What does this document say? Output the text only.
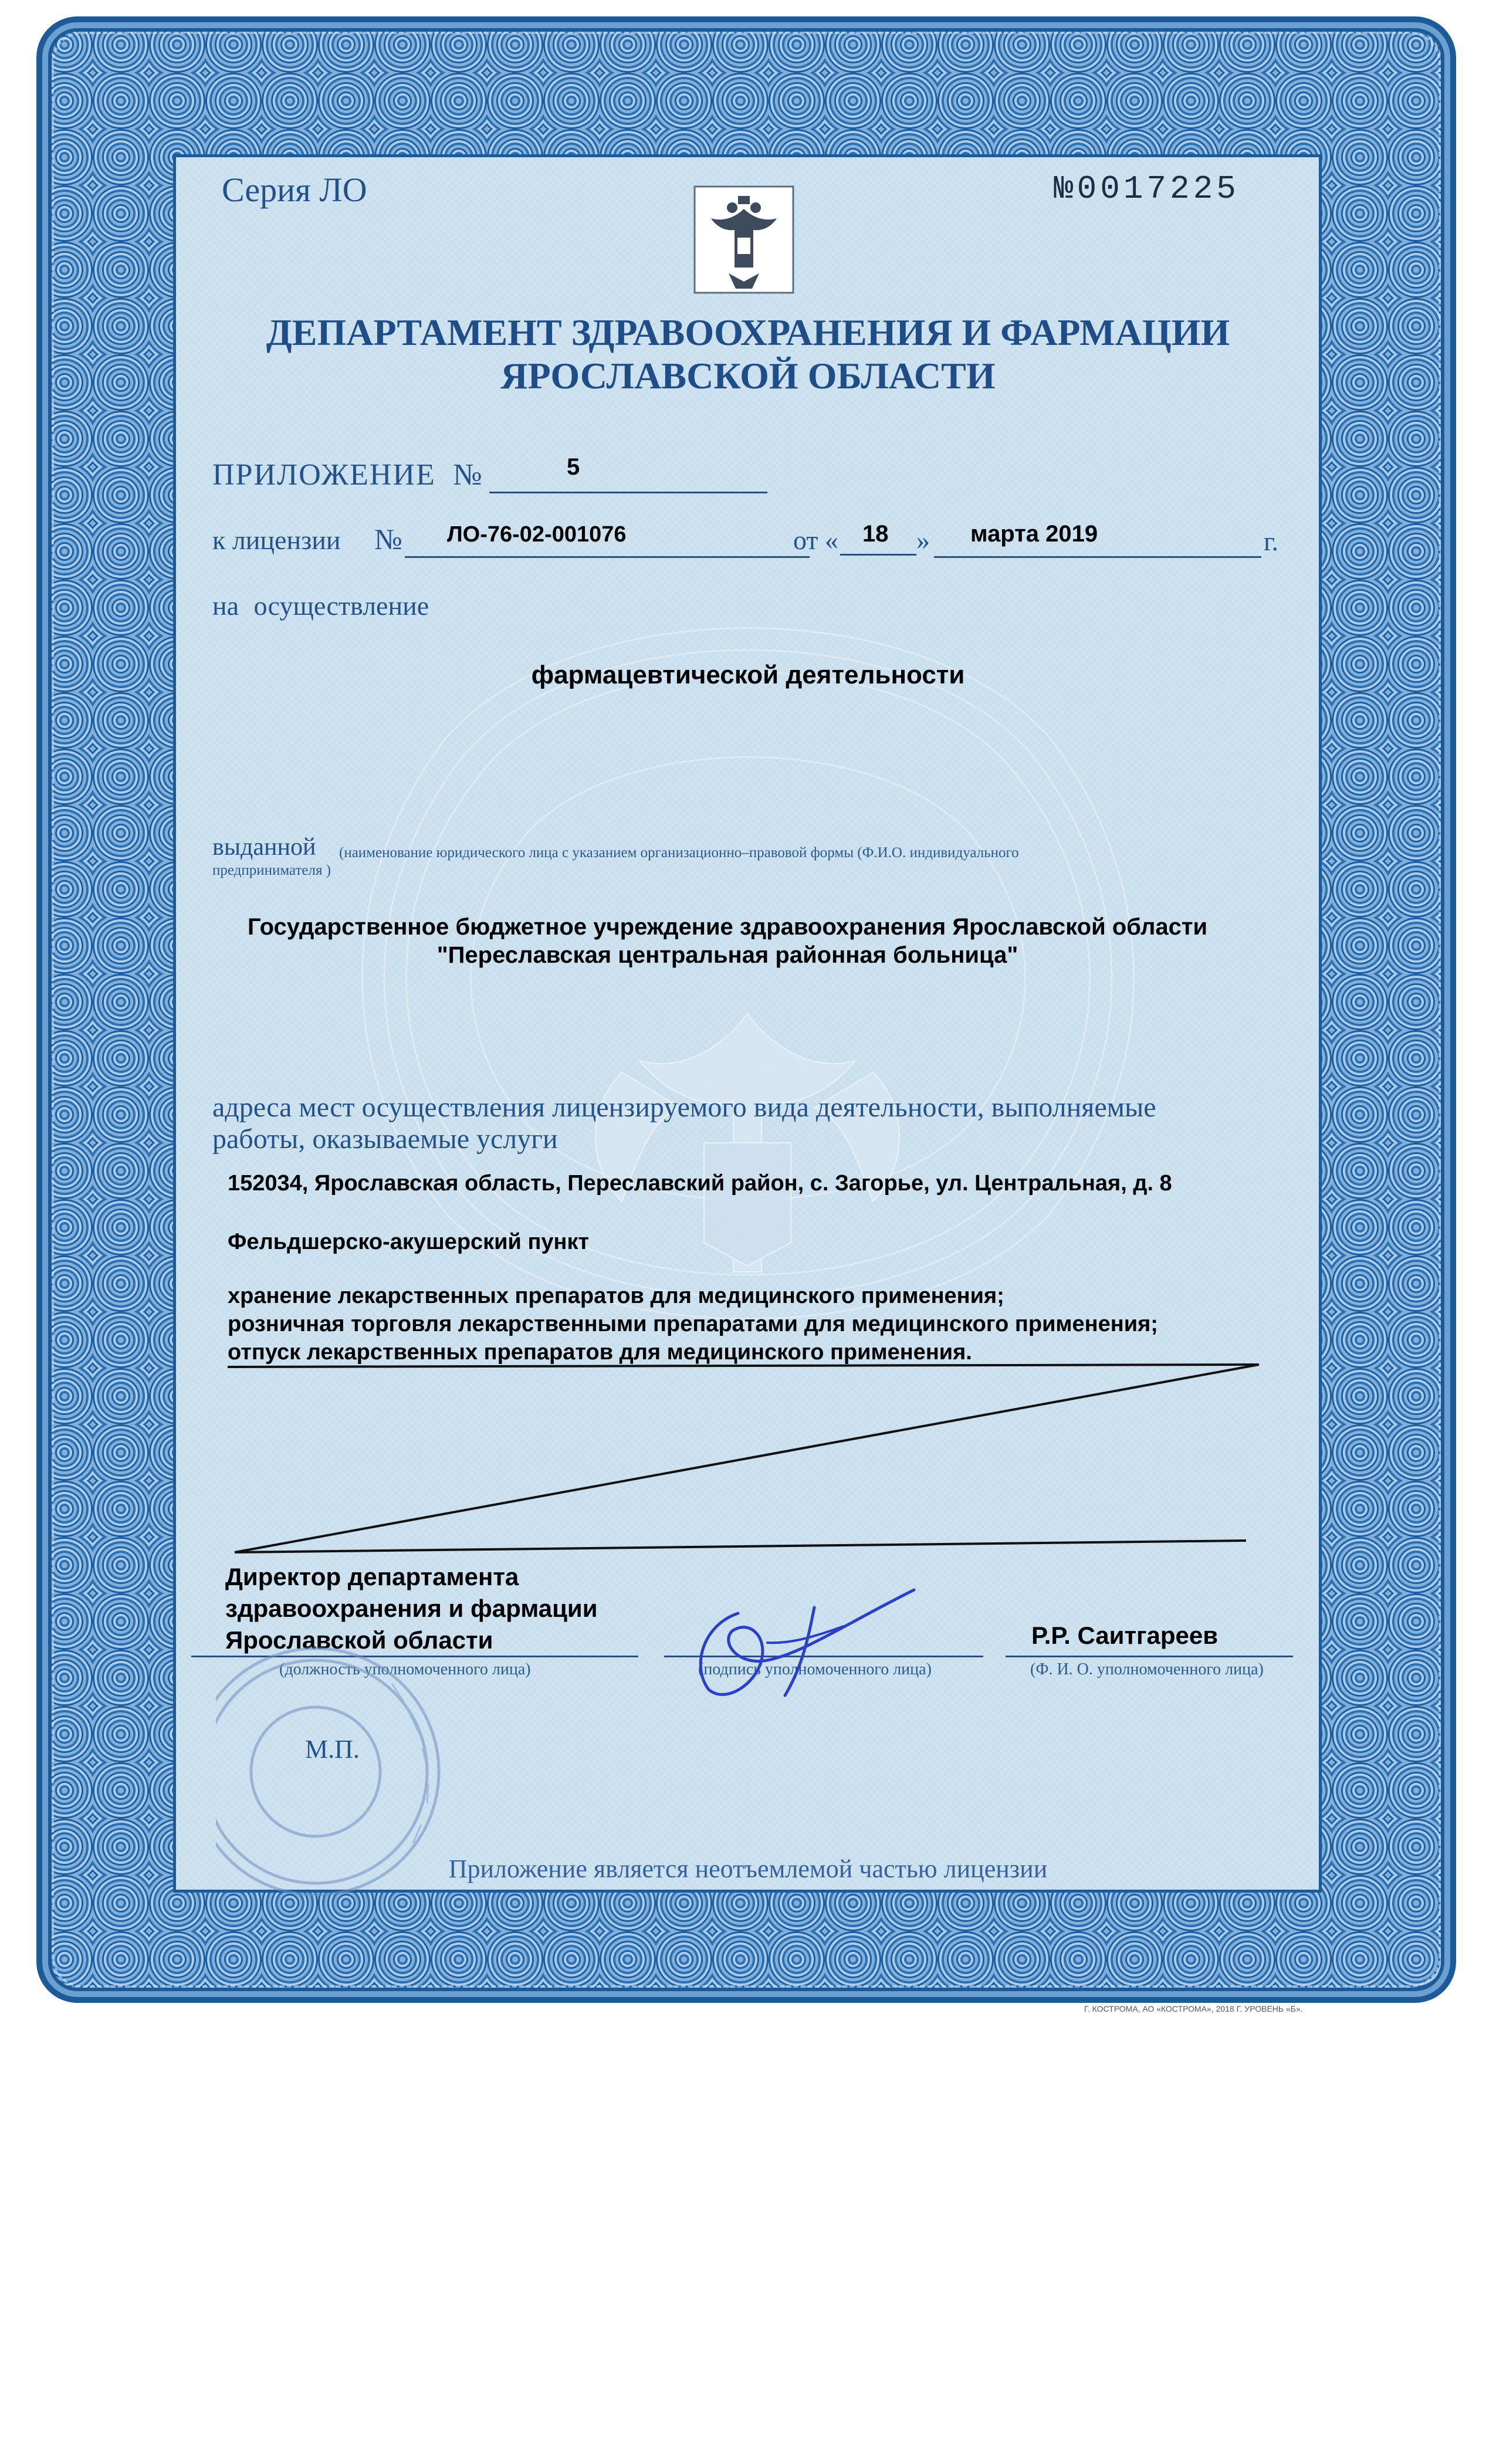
Серия ЛО	№0017225
ДЕПАРТАМЕНТ ЗДРАВООХРАНЕНИЯ И ФАРМАЦИИ
ЯРОСЛАВСКОЙ ОБЛАСТИ
ПРИЛОЖЕНИЕ №	5
к лицензии № ЛО-76-02-001076	от « 18 » марта 2019	г.
на осуществление
фармацевтической деятельности
выданной (наименование юридического лица с указанием организационно–правовой формы (Ф.И.О. индивидуального
предпринимателя )
Государственное бюджетное учреждение здравоохранения Ярославской области
"Переславская центральная районная больница"
адреса мест осуществления лицензируемого вида деятельности, выполняемые
работы, оказываемые услуги
152034, Ярославская область, Переславский район, с. Загорье, ул. Центральная, д. 8
Фельдшерско-акушерский пункт
хранение лекарственных препаратов для медицинского применения;
розничная торговля лекарственными препаратами для медицинского применения;
отпуск лекарственных препаратов для медицинского применения.
Директор департамента
здравоохранения и фармации
Ярославской области
(должность уполномоченного лица)	(подпись уполномоченного лица)
Р.Р. Саитгареев
(Ф. И. О. уполномоченного лица)
М.П.
Приложение является неотъемлемой частью лицензии
Г. КОСТРОМА, АО «КОСТРОМА», 2018 Г. УРОВЕНЬ «Б».
